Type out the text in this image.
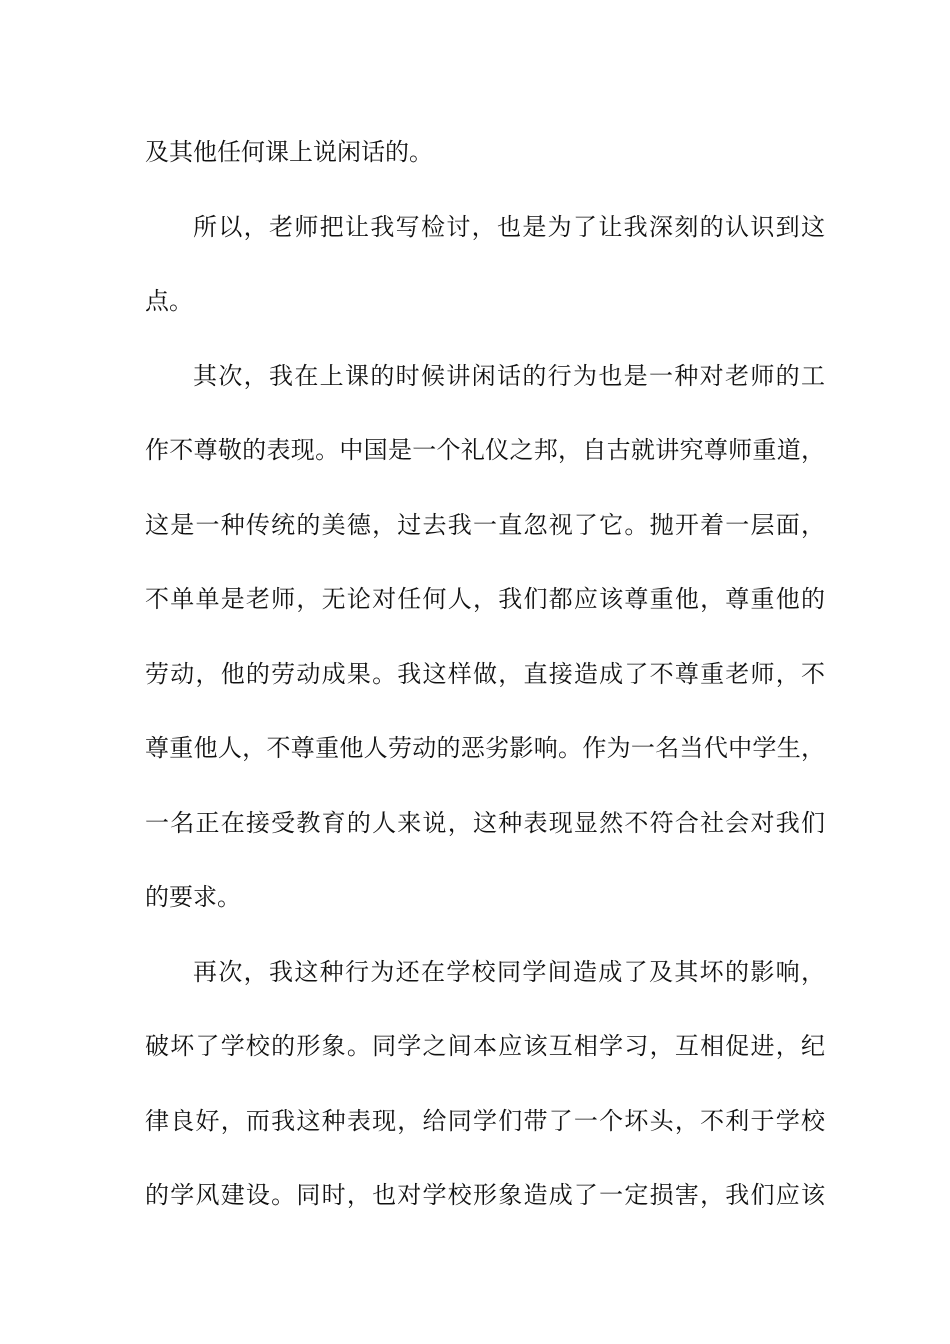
及其他任何课上说闲话的。
所以，老师把让我写检讨，也是为了让我深刻的认识到这
点。
其次，我在上课的时候讲闲话的行为也是一种对老师的工
作不尊敬的表现。中国是一个礼仪之邦，自古就讲究尊师重道，
这是一种传统的美德，过去我一直忽视了它。抛开着一层面，
不单单是老师，无论对任何人，我们都应该尊重他，尊重他的
劳动，他的劳动成果。我这样做，直接造成了不尊重老师，不
尊重他人，不尊重他人劳动的恶劣影响。作为一名当代中学生，
一名正在接受教育的人来说，这种表现显然不符合社会对我们
的要求。
再次，我这种行为还在学校同学间造成了及其坏的影响，
破坏了学校的形象。同学之间本应该互相学习，互相促进，纪
律良好，而我这种表现，给同学们带了一个坏头，不利于学校
的学风建设。同时，也对学校形象造成了一定损害，我们应该
